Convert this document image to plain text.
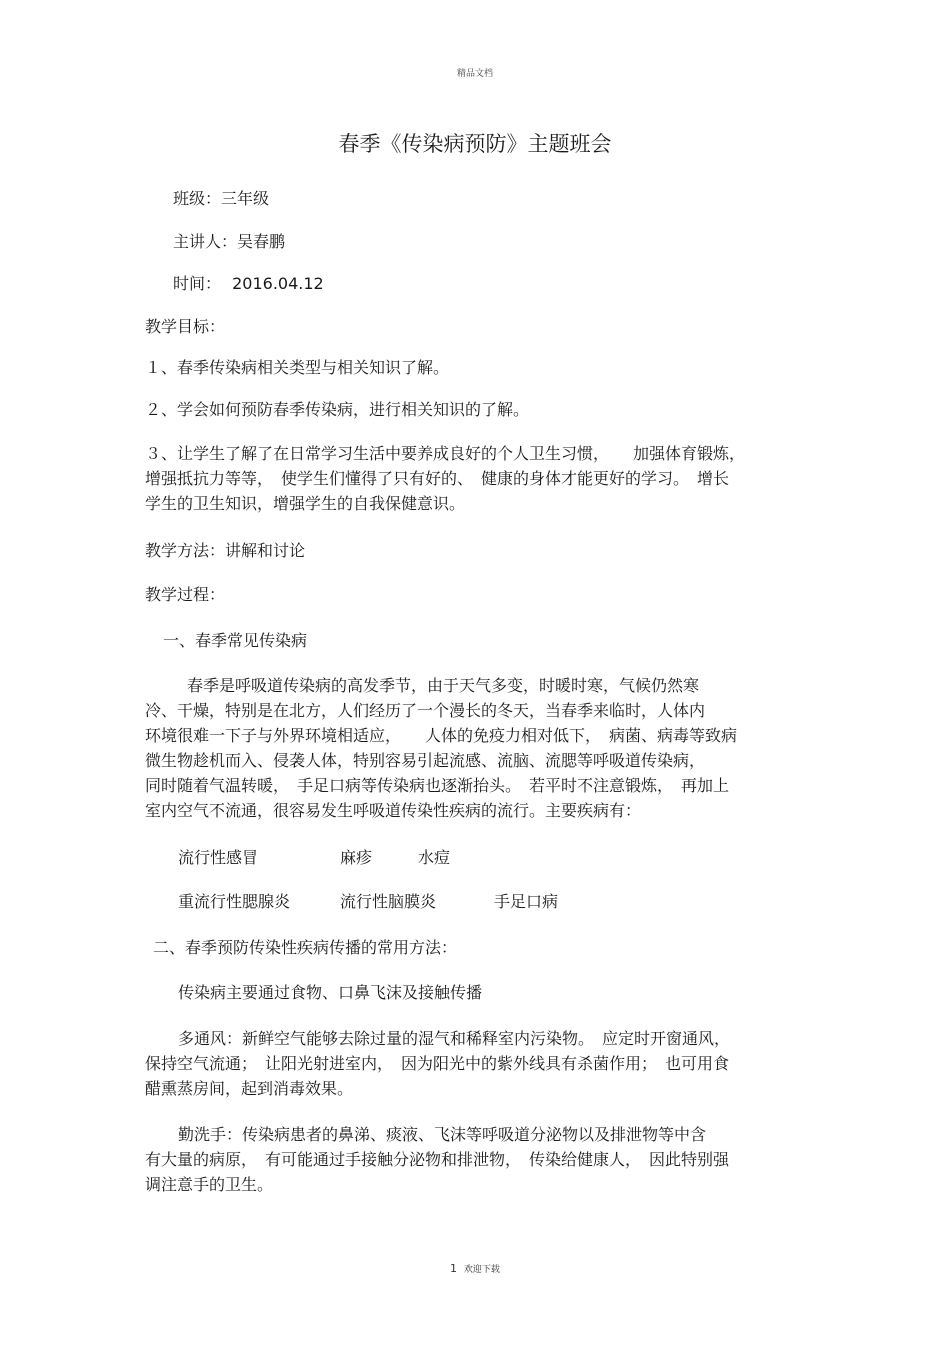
精品文档
春季《传染病预防》主题班会
班级：三年级
主讲人：吴春鹏
时间： 2016.04.12
教学目标：
１、春季传染病相关类型与相关知识了解。
２、学会如何预防春季传染病，进行相关知识的了解。
３、让学生了解了在日常学习生活中要养成良好的个人卫生习惯，　　加强体育锻炼，
增强抵抗力等等，　使学生们懂得了只有好的、　健康的身体才能更好的学习。　增长
学生的卫生知识，增强学生的自我保健意识。
教学方法：讲解和讨论
教学过程：
一、春季常见传染病
春季是呼吸道传染病的高发季节，由于天气多变，时暖时寒，气候仍然寒
冷、干燥，特别是在北方，人们经历了一个漫长的冬天，当春季来临时，人体内
环境很难一下子与外界环境相适应，　　人体的免疫力相对低下，　病菌、病毒等致病
微生物趁机而入、侵袭人体，特别容易引起流感、流脑、流腮等呼吸道传染病，
同时随着气温转暖，　手足口病等传染病也逐渐抬头。　若平时不注意锻炼，　再加上
室内空气不流通，很容易发生呼吸道传染性疾病的流行。主要疾病有：
流行性感冒	麻疹	水痘
重流行性腮腺炎	流行性脑膜炎	手足口病
二、春季预防传染性疾病传播的常用方法：
传染病主要通过食物、口鼻飞沫及接触传播
多通风：新鲜空气能够去除过量的湿气和稀释室内污染物。　应定时开窗通风，
保持空气流通；　让阳光射进室内，　因为阳光中的紫外线具有杀菌作用；　也可用食
醋熏蒸房间，起到消毒效果。
勤洗手：传染病患者的鼻涕、痰液、飞沫等呼吸道分泌物以及排泄物等中含
有大量的病原，　有可能通过手接触分泌物和排泄物，　传染给健康人，　因此特别强
调注意手的卫生。
1 欢迎下载
